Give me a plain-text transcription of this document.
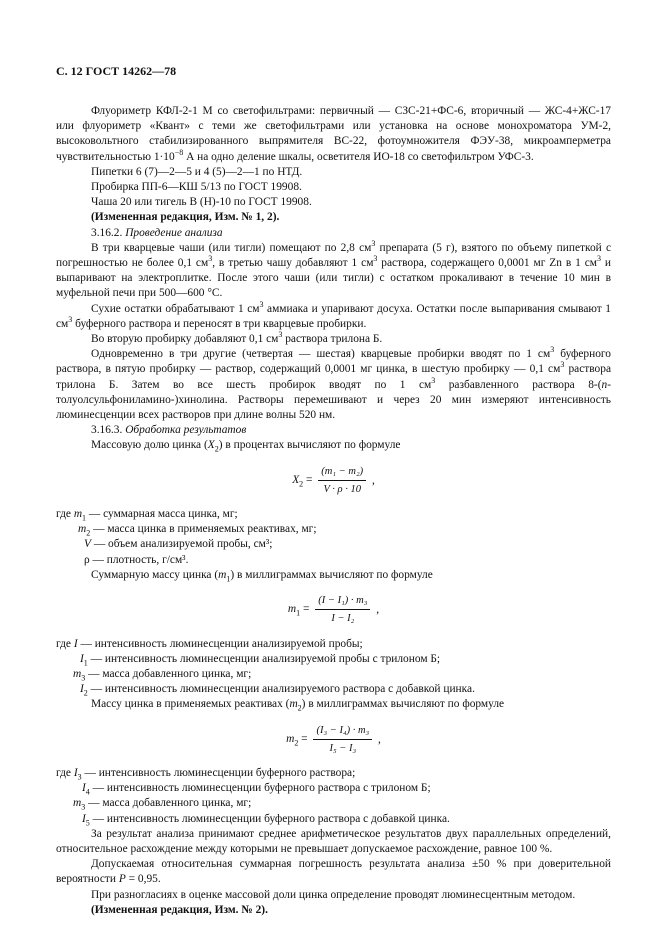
С. 12 ГОСТ 14262—78

Флуориметр КФЛ-2-1 М со светофильтрами: первичный — СЗС-21+ФС-6, вторичный — ЖС-4+ЖС-17 или флуориметр «Квант» с теми же светофильтрами или установка на основе монохроматора УМ-2, высоковольтного стабилизированного выпрямителя ВС-22, фотоумножителя ФЭУ-38, микроамперметра чувствительностью $1\cdot 10^{-8}$ А на одно деление шкалы, осветителя ИО-18 со светофильтром УФС-3.

Пипетки 6 (7)—2—5 и 4 (5)—2—1 по НТД.

Пробирка ПП-6—КШ 5/13 по ГОСТ 19908.

Чаша 20 или тигель В (Н)-10 по ГОСТ 19908.

(Измененная редакция, Изм. № 1, 2).

3.16.2. Проведение анализа

В три кварцевые чаши (или тигли) помещают по 2,8 $см^3$ препарата (5 г), взятого по объему пипеткой с погрешностью не более 0,1 $см^3$, в третью чашу добавляют 1 $см^3$ раствора, содержащего 0,0001 мг Zn в 1 $см^3$ и выпаривают на электроплитке. После этого чаши (или тигли) с остатком прокаливают в течение 10 мин в муфельной печи при 500—600 °С.

Сухие остатки обрабатывают 1 $см^3$ аммиака и упаривают досуха. Остатки после выпаривания смывают 1 $см^3$ буферного раствора и переносят в три кварцевые пробирки.

Во вторую пробирку добавляют 0,1 $см^3$ раствора трилона Б.

Одновременно в три другие (четвертая — шестая) кварцевые пробирки вводят по 1 $см^3$ буферного раствора, в пятую пробирку — раствор, содержащий 0,0001 мг цинка, в шестую пробирку — 0,1 $см^3$ раствора трилона Б. Затем во все шесть пробирок вводят по 1 $см^3$ разбавленного раствора 8-(n-толуолсульфониламино-)хинолина. Растворы перемешивают и через 20 мин измеряют интенсивность люминесценции всех растворов при длине волны 520 нм.

3.16.3. Обработка результатов

Массовую долю цинка $(X_2)$ в процентах вычисляют по формуле

$X_2 = \frac{\text{(m₁ − m₂)}}{V \cdot \rho \cdot 10}$ ,
где $m_1$ — суммарная масса цинка, мг;
$m_2$ — масса цинка в применяемых реактивах, мг;
V — объем анализируемой пробы, см³;
ρ — плотность, г/см³.

Суммарную массу цинка $(m_1)$ в миллиграммах вычисляют по формуле

$m_1 = \frac{\text{(I − I₁) · m₃}}{\text{I − I₂}}$ ,
где I — интенсивность люминесценции анализируемой пробы;
$I_1$ — интенсивность люминесценции анализируемой пробы с трилоном Б;
$m_3$ — масса добавленного цинка, мг;
$I_2$ — интенсивность люминесценции анализируемого раствора с добавкой цинка.

Массу цинка в применяемых реактивах $(m_2)$ в миллиграммах вычисляют по формуле

$m_2 = \frac{\text{(I₃ − I₄) · m₃}}{\text{I₅ − I₃}}$ ,
где $I_3$ — интенсивность люминесценции буферного раствора;
$I_4$ — интенсивность люминесценции буферного раствора с трилоном Б;
$m_3$ — масса добавленного цинка, мг;
$I_5$ — интенсивность люминесценции буферного раствора с добавкой цинка.

За результат анализа принимают среднее арифметическое результатов двух параллельных определений, относительное расхождение между которыми не превышает допускаемое расхождение, равное 100 %.

Допускаемая относительная суммарная погрешность результата анализа ±50 % при доверительной вероятности P = 0,95.

При разногласиях в оценке массовой доли цинка определение проводят люминесцентным методом.

(Измененная редакция, Изм. № 2).
